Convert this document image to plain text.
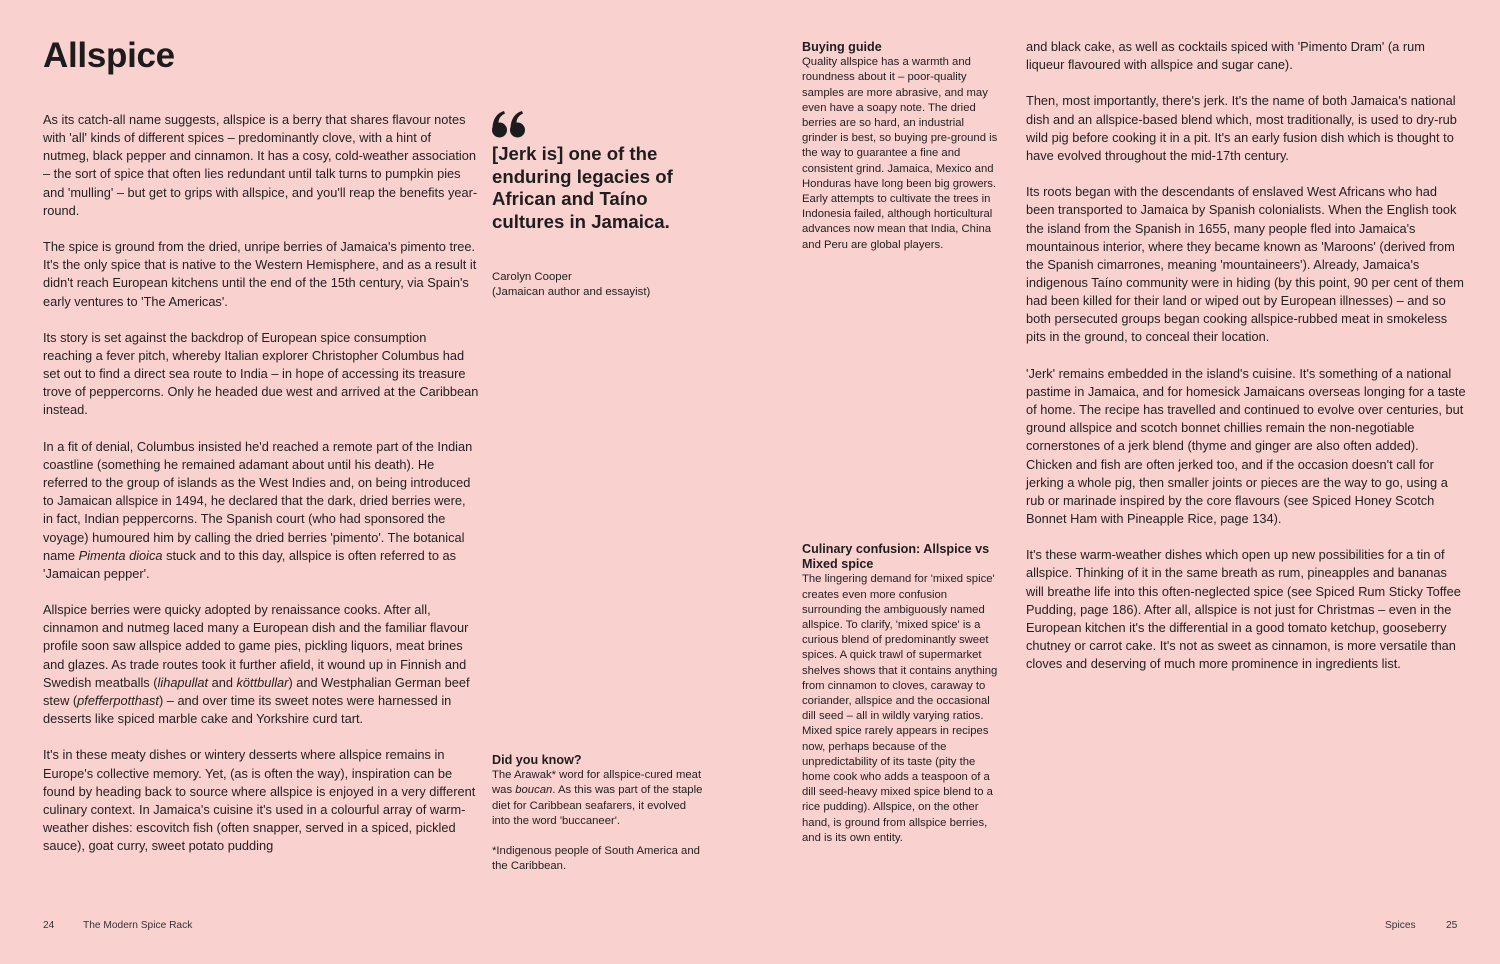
Allspice

As its catch-all name suggests, allspice is a berry that shares flavour notes with 'all' kinds of different spices – predominantly clove, with a hint of nutmeg, black pepper and cinnamon. It has a cosy, cold-weather association – the sort of spice that often lies redundant until talk turns to pumpkin pies and 'mulling' – but get to grips with allspice, and you'll reap the benefits year-round.

The spice is ground from the dried, unripe berries of Jamaica's pimento tree. It's the only spice that is native to the Western Hemisphere, and as a result it didn't reach European kitchens until the end of the 15th century, via Spain's early ventures to 'The Americas'.

Its story is set against the backdrop of European spice consumption reaching a fever pitch, whereby Italian explorer Christopher Columbus had set out to find a direct sea route to India – in hope of accessing its treasure trove of peppercorns. Only he headed due west and arrived at the Caribbean instead.

In a fit of denial, Columbus insisted he'd reached a remote part of the Indian coastline (something he remained adamant about until his death). He referred to the group of islands as the West Indies and, on being introduced to Jamaican allspice in 1494, he declared that the dark, dried berries were, in fact, Indian peppercorns. The Spanish court (who had sponsored the voyage) humoured him by calling the dried berries 'pimento'. The botanical name Pimenta dioica stuck and to this day, allspice is often referred to as 'Jamaican pepper'.

Allspice berries were quicky adopted by renaissance cooks. After all, cinnamon and nutmeg laced many a European dish and the familiar flavour profile soon saw allspice added to game pies, pickling liquors, meat brines and glazes. As trade routes took it further afield, it wound up in Finnish and Swedish meatballs (lihapullat and köttbullar) and Westphalian German beef stew (pfefferpotthast) – and over time its sweet notes were harnessed in desserts like spiced marble cake and Yorkshire curd tart.

It's in these meaty dishes or wintery desserts where allspice remains in Europe's collective memory. Yet, (as is often the way), inspiration can be found by heading back to source where allspice is enjoyed in a very different culinary context. In Jamaica's cuisine it's used in a colourful array of warm-weather dishes: escovitch fish (often snapper, served in a spiced, pickled sauce), goat curry, sweet potato pudding

[Jerk is] one of the enduring legacies of African and Taíno cultures in Jamaica.
Carolyn Cooper
(Jamaican author and essayist)
Buying guide

Quality allspice has a warmth and roundness about it – poor-quality samples are more abrasive, and may even have a soapy note. The dried berries are so hard, an industrial grinder is best, so buying pre-ground is the way to guarantee a fine and consistent grind. Jamaica, Mexico and Honduras have long been big growers. Early attempts to cultivate the trees in Indonesia failed, although horticultural advances now mean that India, China and Peru are global players.

Culinary confusion: Allspice vs Mixed spice

The lingering demand for 'mixed spice' creates even more confusion surrounding the ambiguously named allspice. To clarify, 'mixed spice' is a curious blend of predominantly sweet spices. A quick trawl of supermarket shelves shows that it contains anything from cinnamon to cloves, caraway to coriander, allspice and the occasional dill seed – all in wildly varying ratios. Mixed spice rarely appears in recipes now, perhaps because of the unpredictability of its taste (pity the home cook who adds a teaspoon of a dill seed-heavy mixed spice blend to a rice pudding). Allspice, on the other hand, is ground from allspice berries, and is its own entity.

Did you know?

The Arawak* word for allspice-cured meat was boucan. As this was part of the staple diet for Caribbean seafarers, it evolved into the word 'buccaneer'.

*Indigenous people of South America and the Caribbean.

and black cake, as well as cocktails spiced with 'Pimento Dram' (a rum liqueur flavoured with allspice and sugar cane).

Then, most importantly, there's jerk. It's the name of both Jamaica's national dish and an allspice-based blend which, most traditionally, is used to dry-rub wild pig before cooking it in a pit. It's an early fusion dish which is thought to have evolved throughout the mid-17th century.

Its roots began with the descendants of enslaved West Africans who had been transported to Jamaica by Spanish colonialists. When the English took the island from the Spanish in 1655, many people fled into Jamaica's mountainous interior, where they became known as 'Maroons' (derived from the Spanish cimarrones, meaning 'mountaineers'). Already, Jamaica's indigenous Taíno community were in hiding (by this point, 90 per cent of them had been killed for their land or wiped out by European illnesses) – and so both persecuted groups began cooking allspice-rubbed meat in smokeless pits in the ground, to conceal their location.

'Jerk' remains embedded in the island's cuisine. It's something of a national pastime in Jamaica, and for homesick Jamaicans overseas longing for a taste of home. The recipe has travelled and continued to evolve over centuries, but ground allspice and scotch bonnet chillies remain the non-negotiable cornerstones of a jerk blend (thyme and ginger are also often added). Chicken and fish are often jerked too, and if the occasion doesn't call for jerking a whole pig, then smaller joints or pieces are the way to go, using a rub or marinade inspired by the core flavours (see Spiced Honey Scotch Bonnet Ham with Pineapple Rice, page 134).

It's these warm-weather dishes which open up new possibilities for a tin of allspice. Thinking of it in the same breath as rum, pineapples and bananas will breathe life into this often-neglected spice (see Spiced Rum Sticky Toffee Pudding, page 186). After all, allspice is not just for Christmas – even in the European kitchen it's the differential in a good tomato ketchup, gooseberry chutney or carrot cake. It's not as sweet as cinnamon, is more versatile than cloves and deserving of much more prominence in ingredients list.

24	The Modern Spice Rack	Spices	25
